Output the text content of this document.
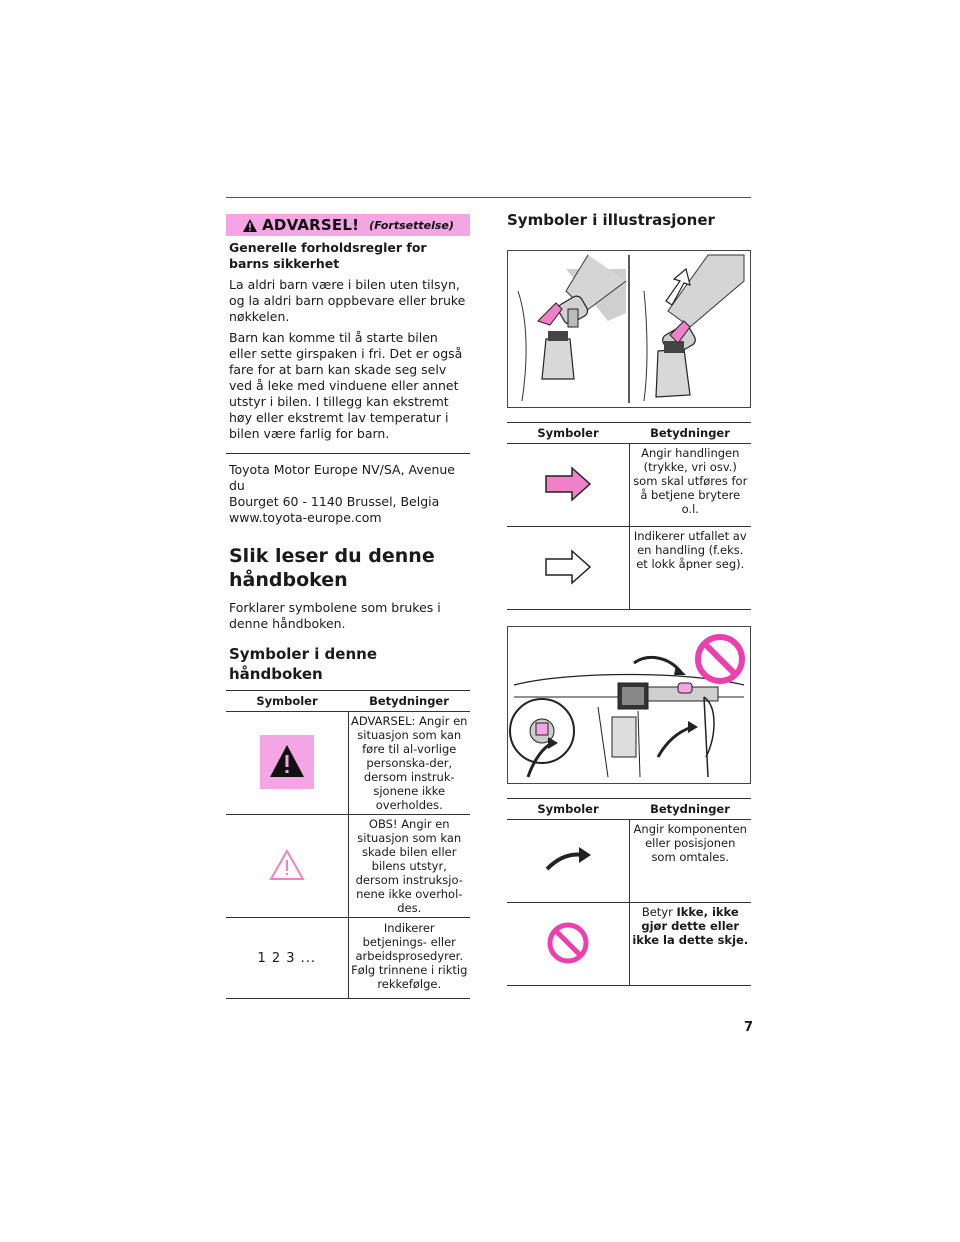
ADVARSEL! (Fortsettelse)
Generelle forholdsregler for barns sikkerhet

La aldri barn være i bilen uten tilsyn, og la aldri barn oppbevare eller bruke nøkkelen.

Barn kan komme til å starte bilen eller sette girspaken i fri. Det er også fare for at barn kan skade seg selv ved å leke med vinduene eller annet utstyr i bilen. I tillegg kan ekstremt høy eller ekstremt lav temperatur i bilen være farlig for barn.

Toyota Motor Europe NV/SA, Avenue du
Bourget 60 - 1140 Brussel, Belgia
www.toyota-europe.com
Slik leser du denne håndboken
Forklarer symbolene som brukes i denne håndboken.
Symboler i denne håndboken
Symboler	Betydninger
	ADVARSEL: Angir en situasjon som kan føre til al-vorlige personska-der, dersom instruk-sjonene ikke overholdes.
	OBS! Angir en situasjon som kan skade bilen eller bilens utstyr, dersom instruksjo-nene ikke overhol-des.
1 2 3 ...	Indikerer betjenings- eller arbeidsprosedyrer. Følg trinnene i riktig rekkefølge.
Symboler i illustrasjoner
Symboler	Betydninger
	Angir handlingen (trykke, vri osv.) som skal utføres for å betjene brytere o.l.
	Indikerer utfallet av en handling (f.eks. et lokk åpner seg).
Symboler	Betydninger
	Angir komponenten eller posisjonen som omtales.
	Betyr Ikke, ikke gjør dette eller ikke la dette skje.
7
